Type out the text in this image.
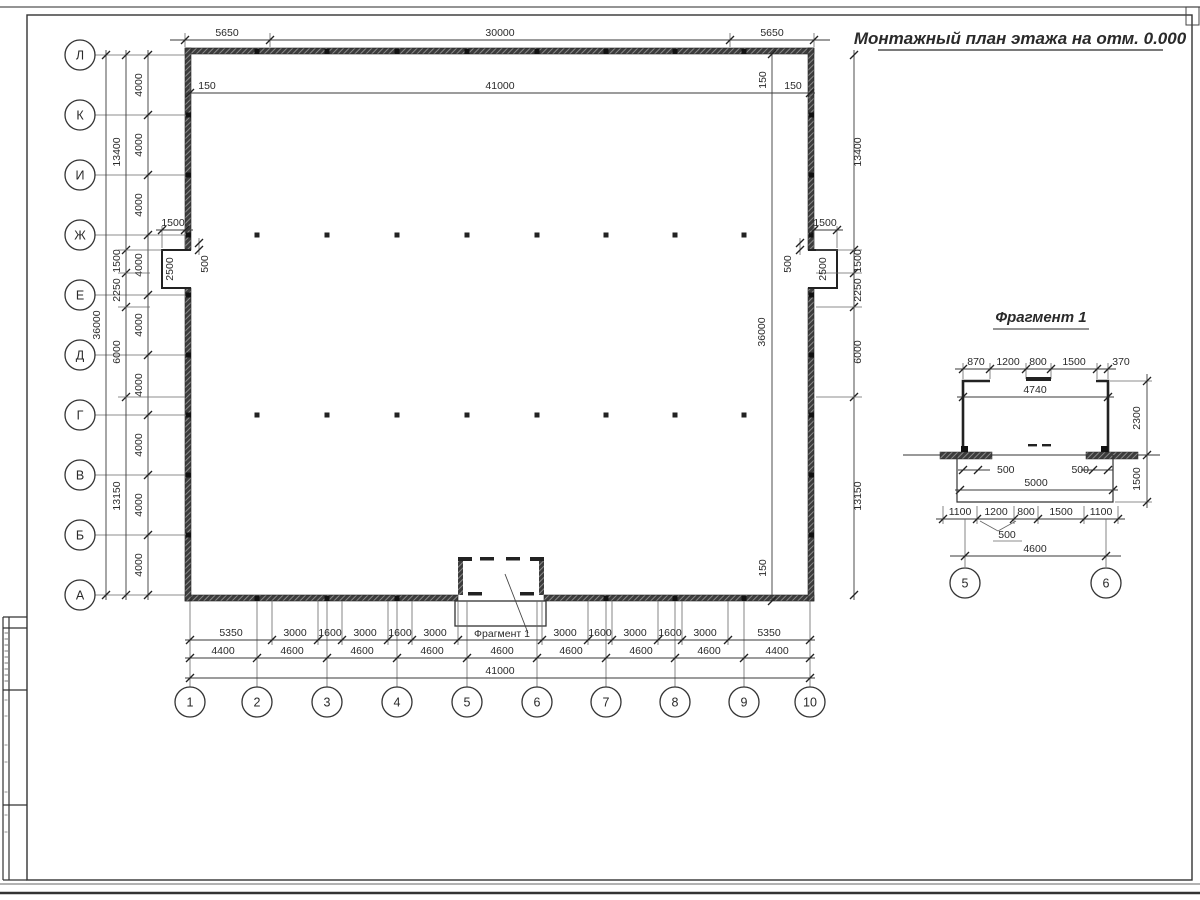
Монтажный план этажа на отм. 0.000
Л
К
И
Ж
Е
Д
Г
В
Б
А
1	2	3	4	5	6	7	8	9	10
5650	30000	5650
150	41000	150
36000
13400
1500
2250
6000
13150
4000
4000
4000
4000
4000
4000
4000
4000
4000
13400
1500
2250
6000
13150
150
36000
150
1500
2500 500
1500
2500
500
5350	3000 1600 3000 1600 3000	Фрагмент 1 3000 1600 3000 1600 3000	5350
4400	4600	4600	4600	4600	4600	4600	4600	4400
41000
870 1200 800 1500	370
4740
500	500
5000
1100 1200 800 1500 1100
500
4600
5	6
2300
1500
Фрагмент 1
